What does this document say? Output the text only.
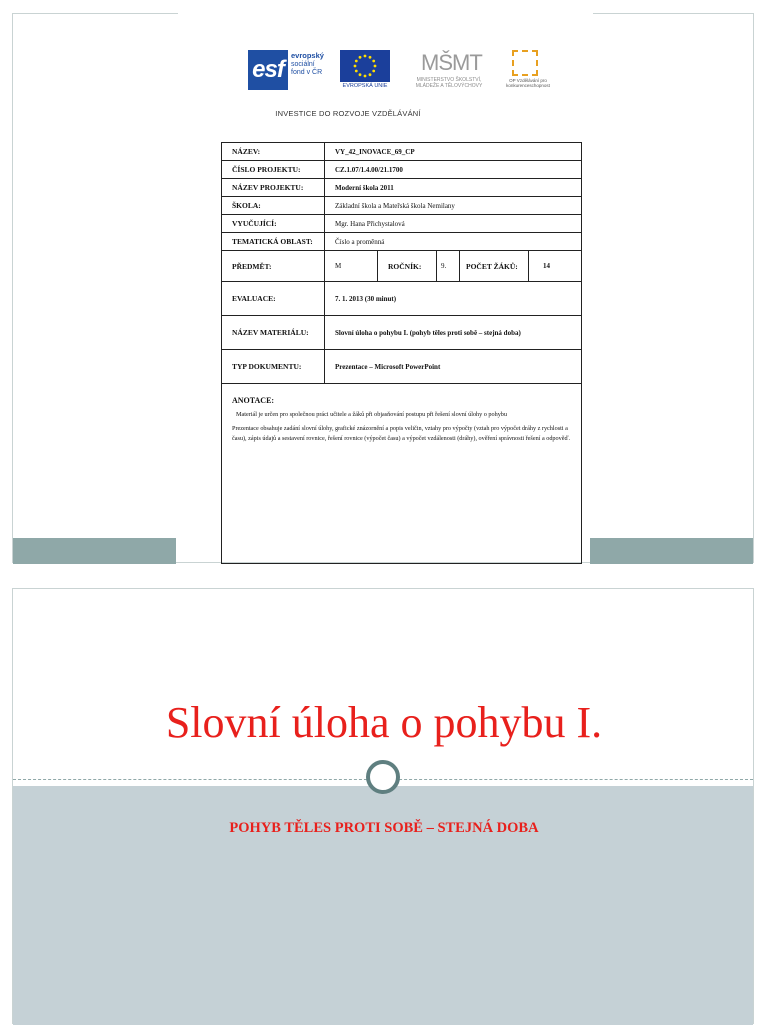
esf
evropský
sociální
fond v ČR
EVROPSKÁ UNIE
MŠMT
MINISTERSTVO ŠKOLSTVÍ, MLÁDEŽE A TĚLOVÝCHOVY
OP Vzdělávání pro konkurenceschopnost
INVESTICE DO ROZVOJE VZDĚLÁVÁNÍ
NÁZEV:	VY_42_INOVACE_69_CP				
ČÍSLO PROJEKTU:	CZ.1.07/1.4.00/21.1700				
NÁZEV PROJEKTU:	Moderní škola 2011				
ŠKOLA:	Základní škola a Mateřská škola Nemilany				
VYUČUJÍCÍ:	Mgr. Hana Přichystalová				
TEMATICKÁ OBLAST:	Číslo a proměnná				
PŘEDMĚT:	M	ROČNÍK:	9.	POČET ŽÁKŮ:	14
EVALUACE:	7. 1. 2013 (30 minut)				
NÁZEV MATERIÁLU:	Slovní úloha o pohybu I. (pohyb těles proti sobě – stejná doba)				
TYP DOKUMENTU:	Prezentace – Microsoft PowerPoint				

ANOTACE:

Materiál je určen pro společnou práci učitele a žáků při objasňování postupu při řešení slovní úlohy o pohybu

Prezentace obsahuje zadání slovní úlohy, grafické znázornění a popis veličin, vztahy pro výpočty (vztah pro výpočet dráhy z rychlosti a času), zápis údajů a sestavení rovnice, řešení rovnice (výpočet času) a výpočet vzdálenosti (dráhy), ověření správnosti řešení a odpověď.					

Slovní úloha o pohybu I.
POHYB TĚLES PROTI SOBĚ – STEJNÁ DOBA
